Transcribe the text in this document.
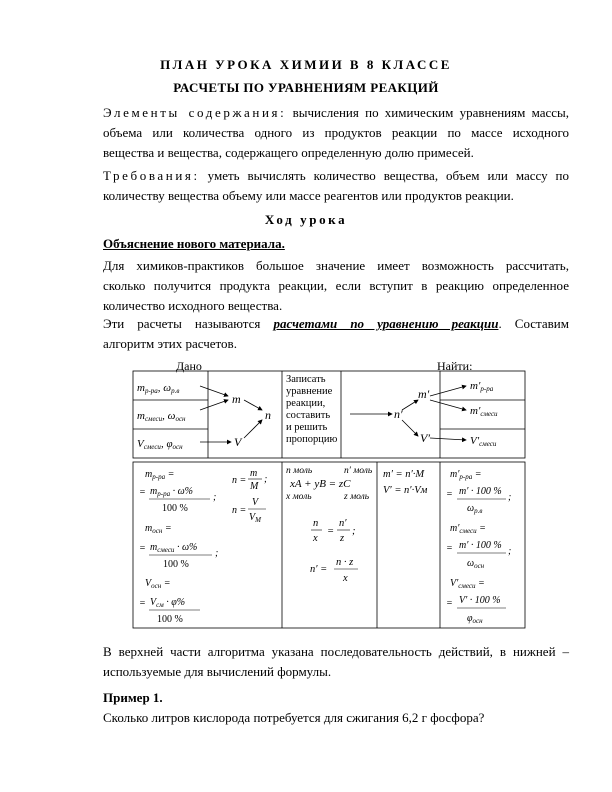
ПЛАН УРОКА ХИМИИ В 8 КЛАССЕ
РАСЧЕТЫ ПО УРАВНЕНИЯМ РЕАКЦИЙ
Элементы содержания: вычисления по химическим уравнениям массы,
объема или количества одного из продуктов реакции по массе исходного
вещества и вещества, содержащего определенную долю примесей.
Требования: уметь вычислять количество вещества, объем или массу по
количеству вещества объему или массе реагентов или продуктов реакции.
Ход урока
Объяснение нового материала.
Для химиков-практиков большое значение имеет возможность рассчитать,
сколько получится продукта реакции, если вступит в реакцию определенное
количество исходного вещества.
Эти расчеты называются расчетами по уравнению реакции. Составим
алгоритм этих расчетов.
Дано	Найти:
mр-ра, ωр.в
mсмеси, ωосн
Vсмеси, φосн
m
V
n	n′
m′
V′
Записать
уравнение
реакции,
составить
и решить
пропорцию
m′р-ра
m′смеси
V′смеси
$m_{р-ра}$ =
= $m_{р-ра} \cdot \omega\%$
100 %
;
$m_{осн}$ =
= $m_{смеси} \cdot \omega\%$
100 %
;
$V_{осн}$ =
= $V_{см} \cdot \varphi\%$
100 %
n =
m
M
;
n =
V
$V_M$
n моль	n′ моль
xA + yB = zC
x моль	z моль
n
x
=
n′
z
;
n′ =
n · z
x
m′ = n′·M
V′ = n′·Vм
$m'_{р-ра}$ =
= m′ · 100 %
$\omega_{р.в}$
;
$m'_{смеси}$ =
= m′ · 100 %
$\omega_{осн}$
;
$V'_{смеси}$ =
= V′ · 100 %
$\varphi_{осн}$
В верхней части алгоритма указана последовательность действий, в нижней –
используемые для вычислений формулы.
Пример 1.
Сколько литров кислорода потребуется для сжигания 6,2 г фосфора?
